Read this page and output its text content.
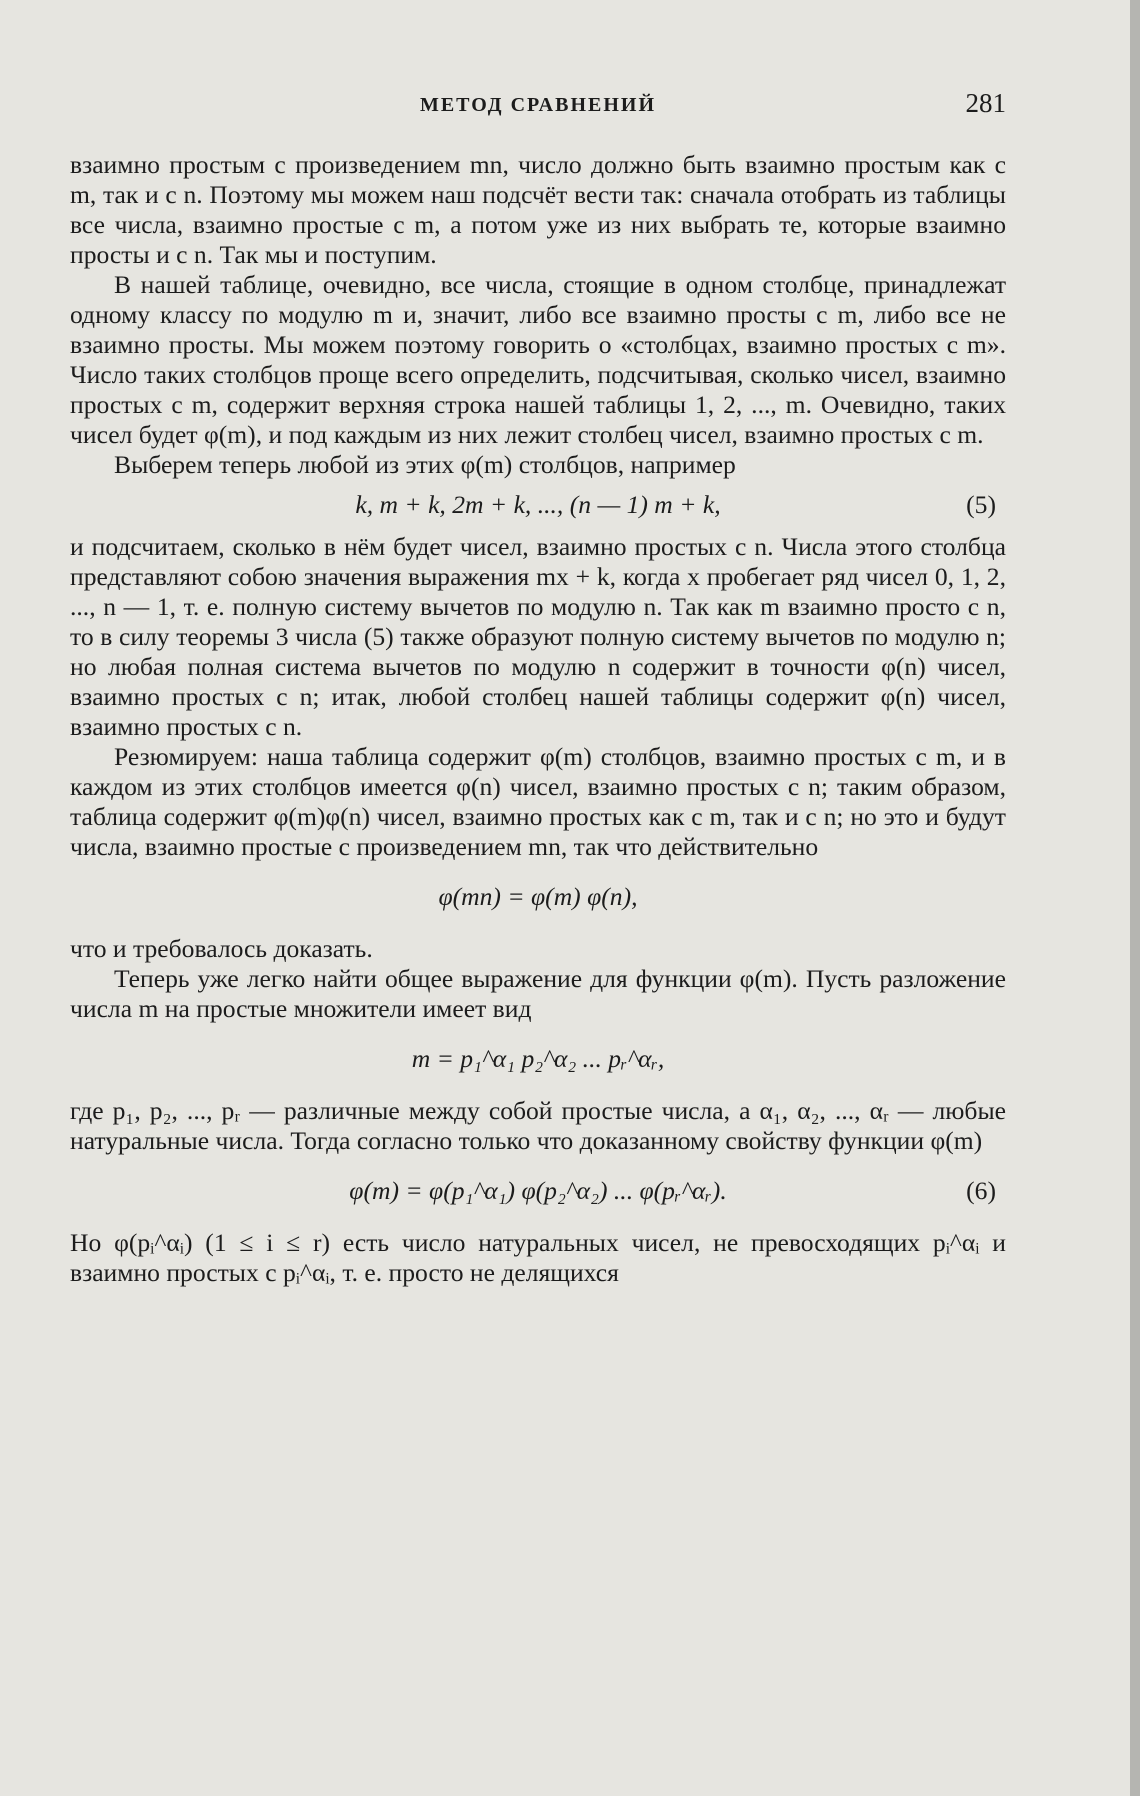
МЕТОД СРАВНЕНИЙ	281

взаимно простым с произведением mn, число должно быть взаимно простым как с m, так и с n. Поэтому мы можем наш подсчёт вести так: сначала отобрать из таблицы все числа, взаимно простые с m, а потом уже из них выбрать те, которые взаимно просты и с n. Так мы и поступим.

В нашей таблице, очевидно, все числа, стоящие в одном столбце, принадлежат одному классу по модулю m и, значит, либо все взаимно просты с m, либо все не взаимно просты. Мы можем поэтому говорить о «столбцах, взаимно простых с m». Число таких столбцов проще всего определить, подсчитывая, сколько чисел, взаимно простых с m, содержит верхняя строка нашей таблицы 1, 2, ..., m. Очевидно, таких чисел будет φ(m), и под каждым из них лежит столбец чисел, взаимно простых с m.

Выберем теперь любой из этих φ(m) столбцов, например

k, m + k, 2m + k, ..., (n — 1) m + k,	(5)

и подсчитаем, сколько в нём будет чисел, взаимно простых с n. Числа этого столбца представляют собою значения выражения mx + k, когда x пробегает ряд чисел 0, 1, 2, ..., n — 1, т. е. полную систему вычетов по модулю n. Так как m взаимно просто с n, то в силу теоремы 3 числа (5) также образуют полную систему вычетов по модулю n; но любая полная система вычетов по модулю n содержит в точности φ(n) чисел, взаимно простых с n; итак, любой столбец нашей таблицы содержит φ(n) чисел, взаимно простых с n.

Резюмируем: наша таблица содержит φ(m) столбцов, взаимно простых с m, и в каждом из этих столбцов имеется φ(n) чисел, взаимно простых с n; таким образом, таблица содержит φ(m)φ(n) чисел, взаимно простых как с m, так и с n; но это и будут числа, взаимно простые с произведением mn, так что действительно

φ(mn) = φ(m) φ(n),

что и требовалось доказать.

Теперь уже легко найти общее выражение для функции φ(m). Пусть разложение числа m на простые множители имеет вид

m = p₁^α₁ p₂^α₂ ... pᵣ^αᵣ,

где p₁, p₂, ..., pᵣ — различные между собой простые числа, а α₁, α₂, ..., αᵣ — любые натуральные числа. Тогда согласно только что доказанному свойству функции φ(m)

φ(m) = φ(p₁^α₁) φ(p₂^α₂) ... φ(pᵣ^αᵣ).	(6)

Но φ(pᵢ^αᵢ) (1 ≤ i ≤ r) есть число натуральных чисел, не превосходящих pᵢ^αᵢ и взаимно простых с pᵢ^αᵢ, т. е. просто не делящихся
